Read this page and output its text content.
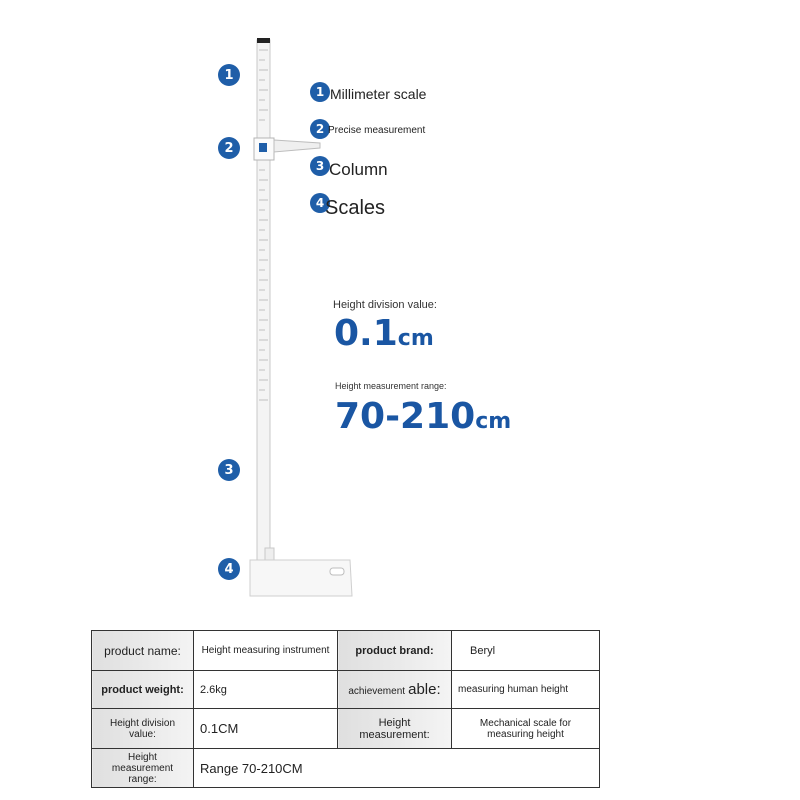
1
2
3
4
1 Millimeter scale
2 Precise measurement
3 Column
4 Scales
Height division value:
0.1cm
Height measurement range:
70-210cm
product name:	Height measuring instrument	product brand:	Beryl
product weight:	2.6kg	achievement able:	measuring human height
Height division value:	0.1CM	Height measurement:	Mechanical scale for measuring height
Height measurement range:	Range 70-210CM		
